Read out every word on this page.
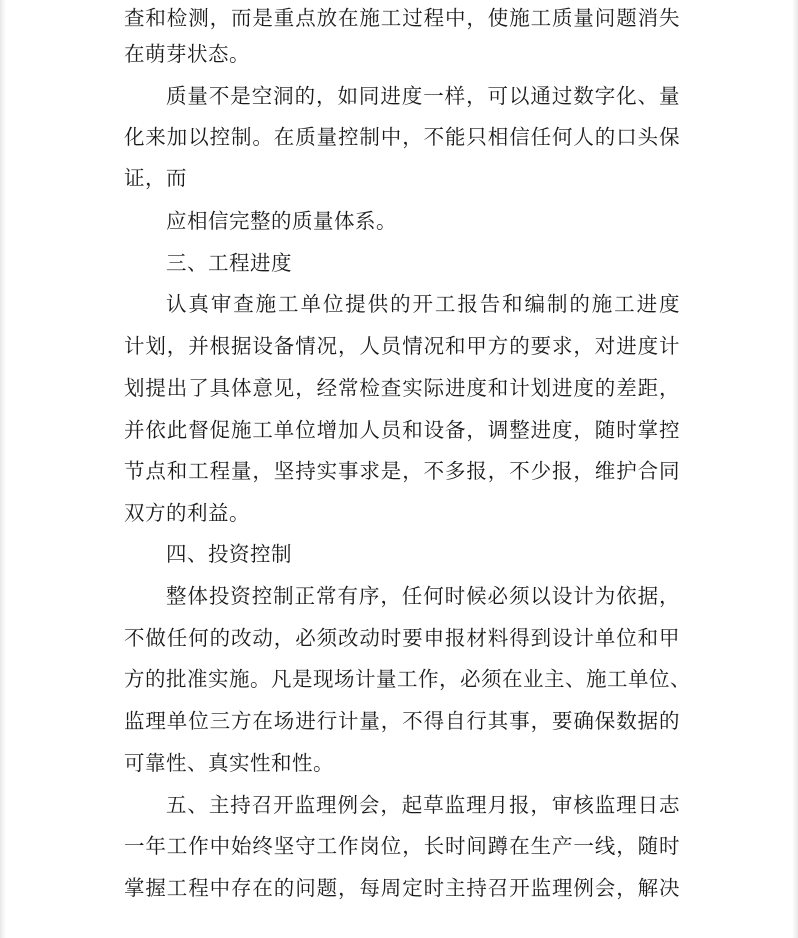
查和检测，而是重点放在施工过程中，使施工质量问题消失

在萌芽状态。

质量不是空洞的，如同进度一样，可以通过数字化、量

化来加以控制。在质量控制中，不能只相信任何人的口头保

证，而

应相信完整的质量体系。

三、工程进度

认真审查施工单位提供的开工报告和编制的施工进度

计划，并根据设备情况，人员情况和甲方的要求，对进度计

划提出了具体意见，经常检查实际进度和计划进度的差距，

并依此督促施工单位增加人员和设备，调整进度，随时掌控

节点和工程量，坚持实事求是，不多报，不少报，维护合同

双方的利益。

四、投资控制

整体投资控制正常有序，任何时候必须以设计为依据，

不做任何的改动，必须改动时要申报材料得到设计单位和甲

方的批准实施。凡是现场计量工作，必须在业主、施工单位、

监理单位三方在场进行计量，不得自行其事，要确保数据的

可靠性、真实性和性。

五、主持召开监理例会，起草监理月报，审核监理日志

一年工作中始终坚守工作岗位，长时间蹲在生产一线，随时

掌握工程中存在的问题，每周定时主持召开监理例会，解决
